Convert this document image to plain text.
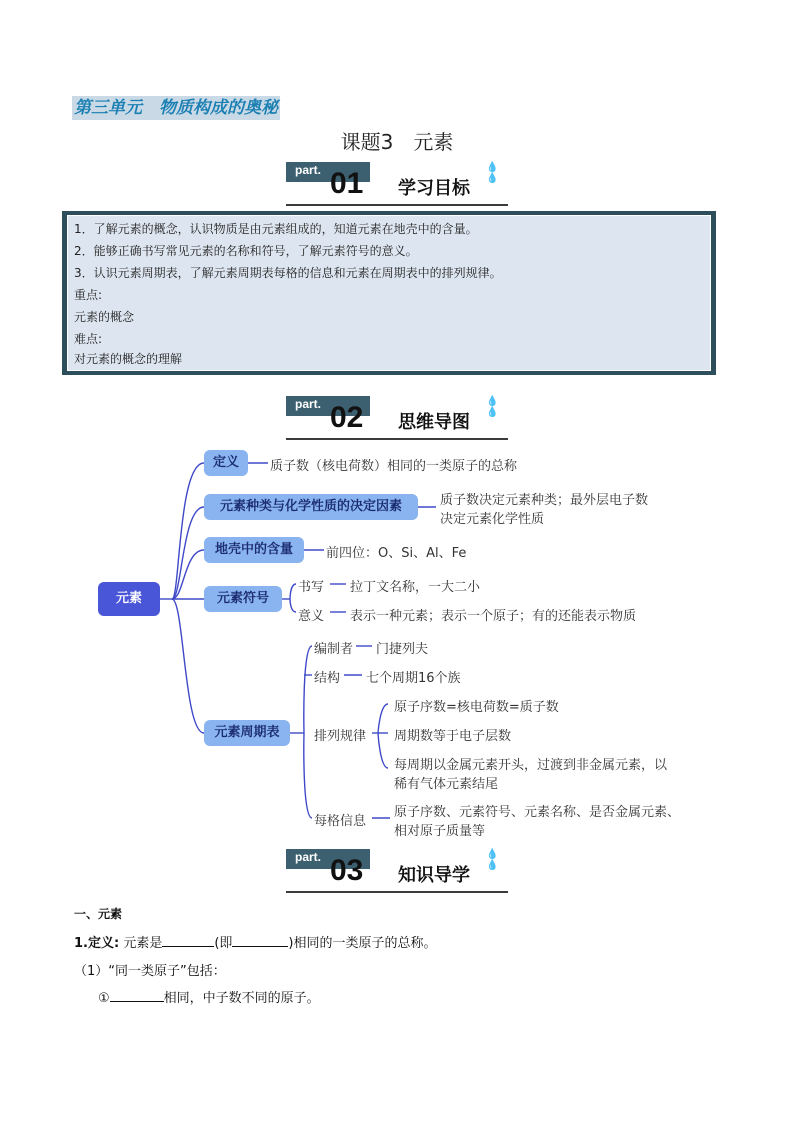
第三单元　物质构成的奥秘
课题3　元素
part. 01 学习目标
💧💧
1．了解元素的概念，认识物质是由元素组成的，知道元素在地壳中的含量。
2．能够正确书写常见元素的名称和符号，了解元素符号的意义。
3．认识元素周期表，了解元素周期表每格的信息和元素在周期表中的排列规律。
重点:
元素的概念
难点:
对元素的概念的理解
part. 02 思维导图
💧💧
元素
定义	质子数（核电荷数）相同的一类原子的总称
元素种类与化学性质的决定因素	质子数决定元素种类；最外层电子数
决定元素化学性质
地壳中的含量	前四位：O、Si、Al、Fe
元素符号
书写 拉丁文名称，一大二小
意义 表示一种元素；表示一个原子；有的还能表示物质
元素周期表
编制者 门捷列夫
结构 七个周期16个族
排列规律
原子序数=核电荷数=质子数
周期数等于电子层数
每周期以金属元素开头，过渡到非金属元素，以
稀有气体元素结尾
每格信息
原子序数、元素符号、元素名称、是否金属元素、
相对原子质量等
part. 03 知识导学
💧💧
一、元素
1.定义: 元素是	(即	)相同的一类原子的总称。
（1）“同一类原子”包括：
①	相同，中子数不同的原子。
